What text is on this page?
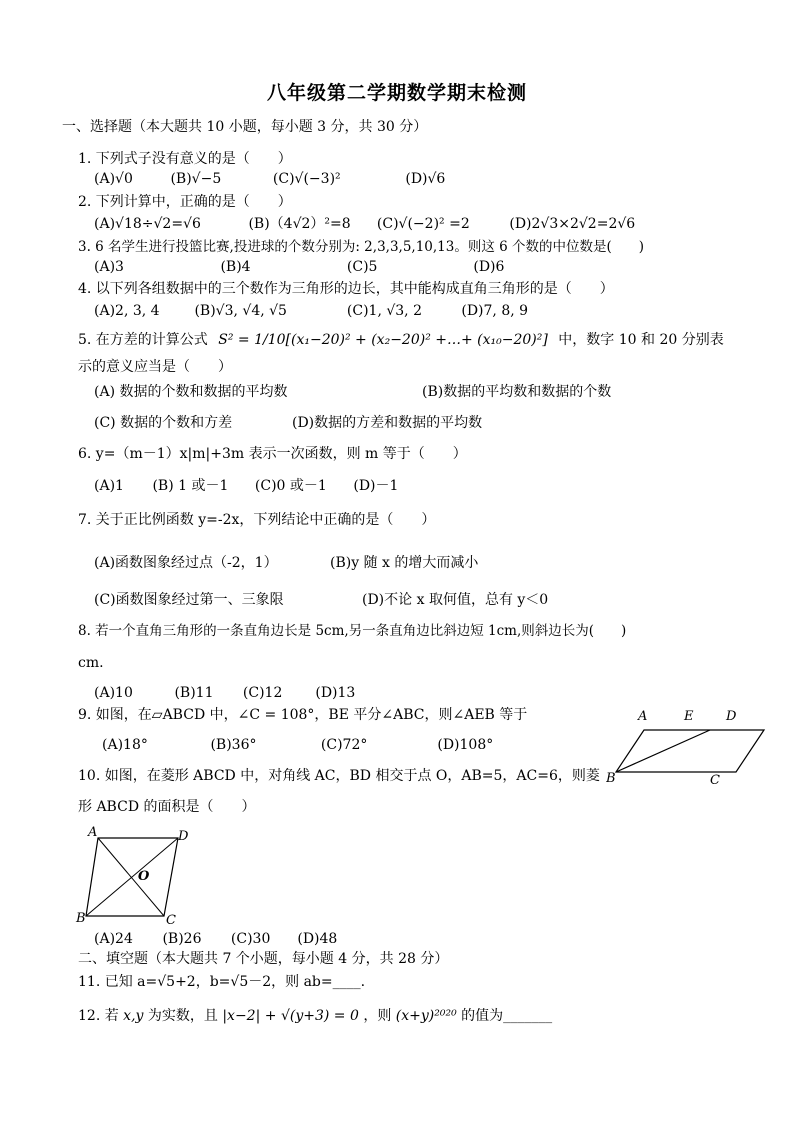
八年级第二学期数学期末检测
一、选择题（本大题共 10 小题，每小题 3 分，共 30 分）
1. 下列式子没有意义的是（　　）
(A)√0	(B)√−5	(C)√(−3)²	(D)√6
2. 下列计算中，正确的是（　　）
(A)√18÷√2=√6	(B)（4√2）²=8 (C)√(−2)² =2	(D)2√3×2√2=2√6
3. 6 名学生进行投篮比赛,投进球的个数分别为: 2,3,3,5,10,13。则这 6 个数的中位数是(　　)
(A)3	(B)4	(C)5	(D)6
4. 以下列各组数据中的三个数作为三角形的边长，其中能构成直角三角形的是（　　）
(A)2, 3, 4 (B)√3, √4, √5	(C)1, √3, 2	(D)7, 8, 9
5. 在方差的计算公式 S² = 1/10[(x₁−20)² + (x₂−20)² +…+ (x₁₀−20)²] 中，数字 10 和 20 分别表
示的意义应当是（　　）
(A) 数据的个数和数据的平均数	(B)数据的平均数和数据的个数
(C) 数据的个数和方差	(D)数据的方差和数据的平均数
6. y=（m－1）x|m|+3m 表示一次函数，则 m 等于（　　）
(A)1 (B) 1 或－1 (C)0 或－1 (D)－1
7. 关于正比例函数 y=-2x，下列结论中正确的是（　　）
(A)函数图象经过点（-2，1）	(B)y 随 x 的增大而减小
(C)函数图象经过第一、三象限	(D)不论 x 取何值，总有 y＜0
8. 若一个直角三角形的一条直角边长是 5cm,另一条直角边比斜边短 1cm,则斜边长为(　　)
cm.
(A)10	(B)11 (C)12 (D)13
9. 如图，在▱ABCD 中，∠C = 108°，BE 平分∠ABC，则∠AEB 等于
(A)18°	(B)36°	(C)72°	(D)108°
A	E	D
B	C
10. 如图，在菱形 ABCD 中，对角线 AC，BD 相交于点 O，AB=5，AC=6，则菱
形 ABCD 的面积是（　　）
A	D
O
B	C
(A)24 (B)26 (C)30 (D)48
二、填空题（本大题共 7 个小题，每小题 4 分，共 28 分）
11. 已知 a=√5+2，b=√5－2，则 ab=____.
12. 若 x,y 为实数，且 |x−2| + √(y+3) = 0 ，则 (x+y)²⁰²⁰ 的值为_______
